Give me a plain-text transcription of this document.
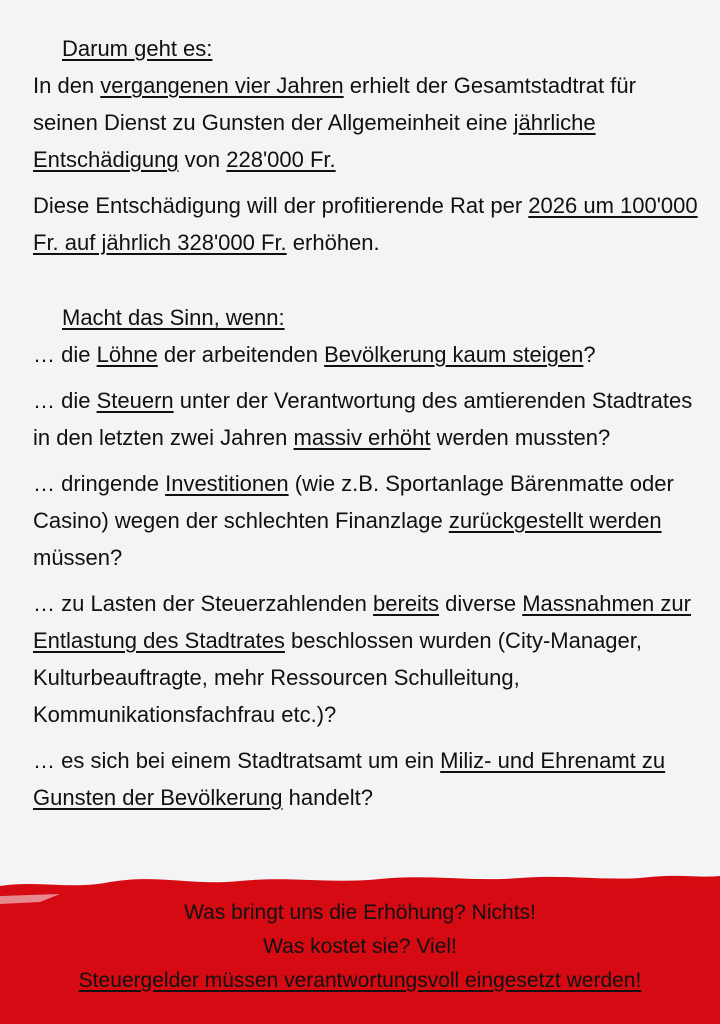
Darum geht es:

In den vergangenen vier Jahren erhielt der Gesamtstadtrat für seinen Dienst zu Gunsten der Allgemeinheit eine jährliche Entschädigung von 228'000 Fr.

Diese Entschädigung will der profitierende Rat per 2026 um 100'000 Fr. auf jährlich 328'000 Fr. erhöhen.

Macht das Sinn, wenn:

… die Löhne der arbeitenden Bevölkerung kaum steigen?

… die Steuern unter der Verantwortung des amtierenden Stadtrates in den letzten zwei Jahren massiv erhöht werden mussten?

… dringende Investitionen (wie z.B. Sportanlage Bärenmatte oder Casino) wegen der schlechten Finanzlage zurückgestellt werden müssen?

… zu Lasten der Steuerzahlenden bereits diverse Massnahmen zur Entlastung des Stadtrates beschlossen wurden (City-Manager, Kulturbeauftragte, mehr Ressourcen Schulleitung, Kommunikationsfachfrau etc.)?

… es sich bei einem Stadtratsamt um ein Miliz- und Ehrenamt zu Gunsten der Bevölkerung handelt?

Was bringt uns die Erhöhung? Nichts!
Was kostet sie? Viel!
Steuergelder müssen verantwortungsvoll eingesetzt werden!
